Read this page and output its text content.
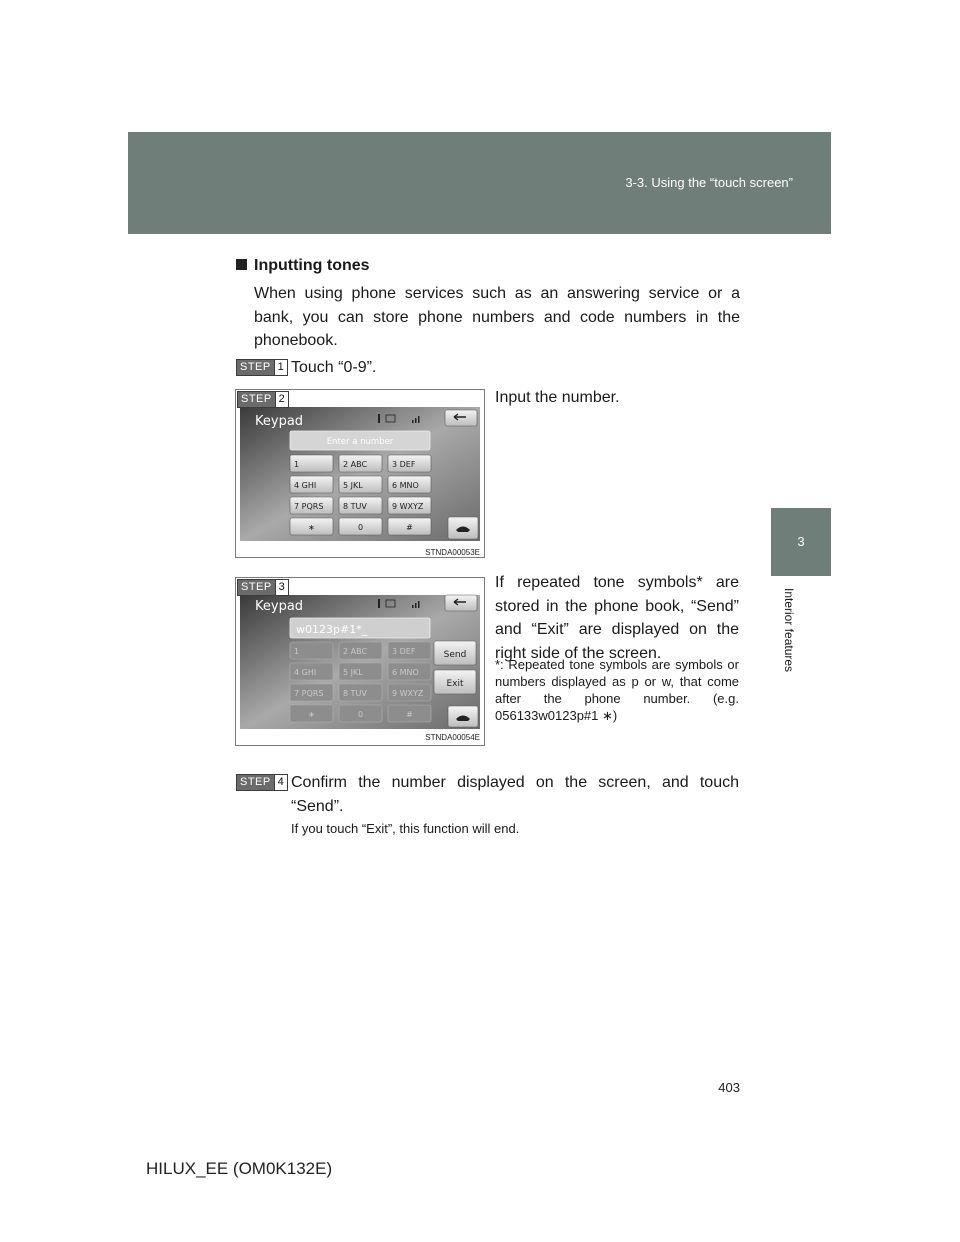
3-3. Using the “touch screen”
3
Interior features
Inputting tones
When using phone services such as an answering service or a bank, you can store phone numbers and code numbers in the phonebook.
STEP 1 Touch “0-9”.
1	2 ABC	3 DEF
4 GHI	5 JKL	6 MNO
7 PQRS 8 TUV	9 WXYZ
∗	0	#
Keypad
Enter a number
STNDA00053E
STEP 2	Input the number.
Send
Exit
1	2 ABC	3 DEF
4 GHI	5 JKL	6 MNO
7 PQRS 8 TUV	9 WXYZ
∗	0	#
Keypad
w0123p#1*_
STNDA00054E
STEP 3	If repeated tone symbols* are stored in the phone book, “Send” and “Exit” are displayed on the right side of the screen.
*: Repeated tone symbols are symbols or numbers displayed as p or w, that come after the phone number. (e.g. 056133w0123p#1 ∗)
STEP 4 Confirm the number displayed on the screen, and touch “Send”.
If you touch “Exit”, this function will end.
403
HILUX_EE (OM0K132E)
